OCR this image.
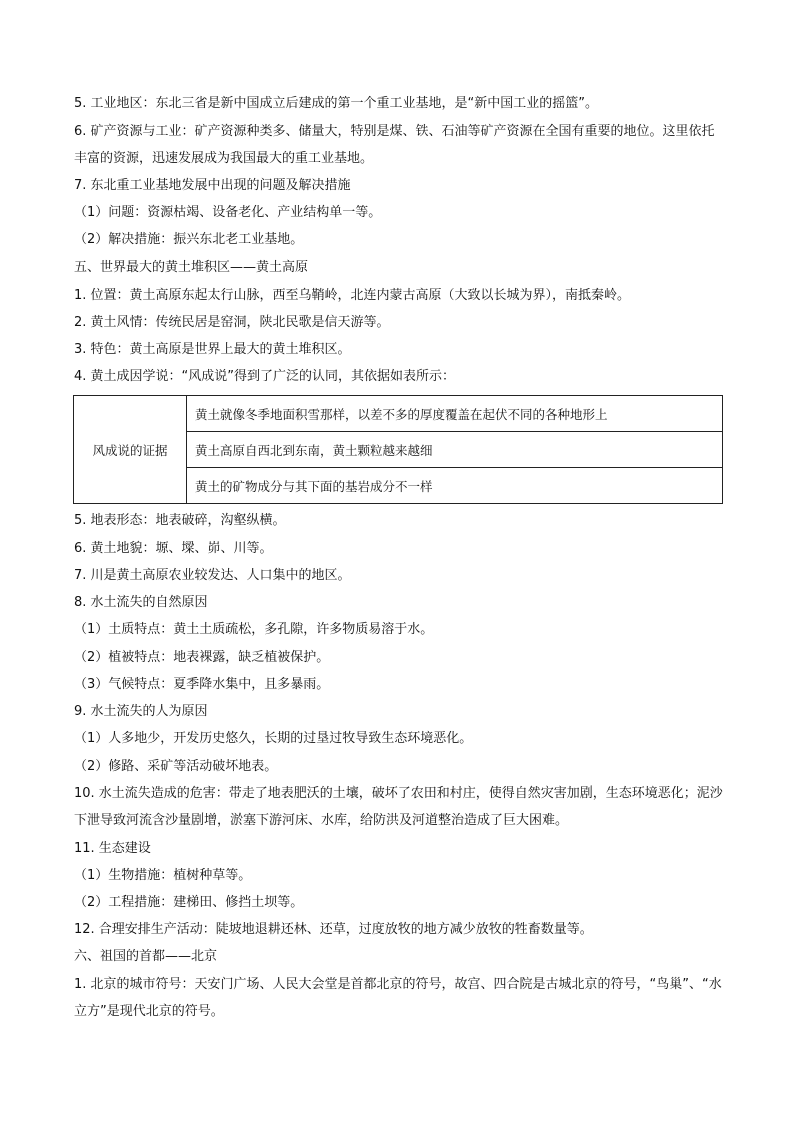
5. 工业地区：东北三省是新中国成立后建成的第一个重工业基地，是“新中国工业的摇篮”。
6. 矿产资源与工业：矿产资源种类多、储量大，特别是煤、铁、石油等矿产资源在全国有重要的地位。这里依托丰富的资源，迅速发展成为我国最大的重工业基地。
7. 东北重工业基地发展中出现的问题及解决措施
（1）问题：资源枯竭、设备老化、产业结构单一等。
（2）解决措施：振兴东北老工业基地。
五、世界最大的黄土堆积区——黄土高原
1. 位置：黄土高原东起太行山脉，西至乌鞘岭，北连内蒙古高原（大致以长城为界），南抵秦岭。
2. 黄土风情：传统民居是窑洞，陕北民歌是信天游等。
3. 特色：黄土高原是世界上最大的黄土堆积区。
4. 黄土成因学说：“风成说”得到了广泛的认同，其依据如表所示：
风成说的证据	黄土就像冬季地面积雪那样，以差不多的厚度覆盖在起伏不同的各种地形上
黄土高原自西北到东南，黄土颗粒越来越细
黄土的矿物成分与其下面的基岩成分不一样
5. 地表形态：地表破碎，沟壑纵横。
6. 黄土地貌：塬、墚、峁、川等。
7. 川是黄土高原农业较发达、人口集中的地区。
8. 水土流失的自然原因
（1）土质特点：黄土土质疏松，多孔隙，许多物质易溶于水。
（2）植被特点：地表裸露，缺乏植被保护。
（3）气候特点：夏季降水集中，且多暴雨。
9. 水土流失的人为原因
（1）人多地少，开发历史悠久，长期的过垦过牧导致生态环境恶化。
（2）修路、采矿等活动破坏地表。
10. 水土流失造成的危害：带走了地表肥沃的土壤，破坏了农田和村庄，使得自然灾害加剧，生态环境恶化；泥沙下泄导致河流含沙量剧增，淤塞下游河床、水库，给防洪及河道整治造成了巨大困难。
11. 生态建设
（1）生物措施：植树种草等。
（2）工程措施：建梯田、修挡土坝等。
12. 合理安排生产活动：陡坡地退耕还林、还草，过度放牧的地方减少放牧的牲畜数量等。
六、祖国的首都——北京
1. 北京的城市符号：天安门广场、人民大会堂是首都北京的符号，故宫、四合院是古城北京的符号，“鸟巢”、“水立方”是现代北京的符号。
